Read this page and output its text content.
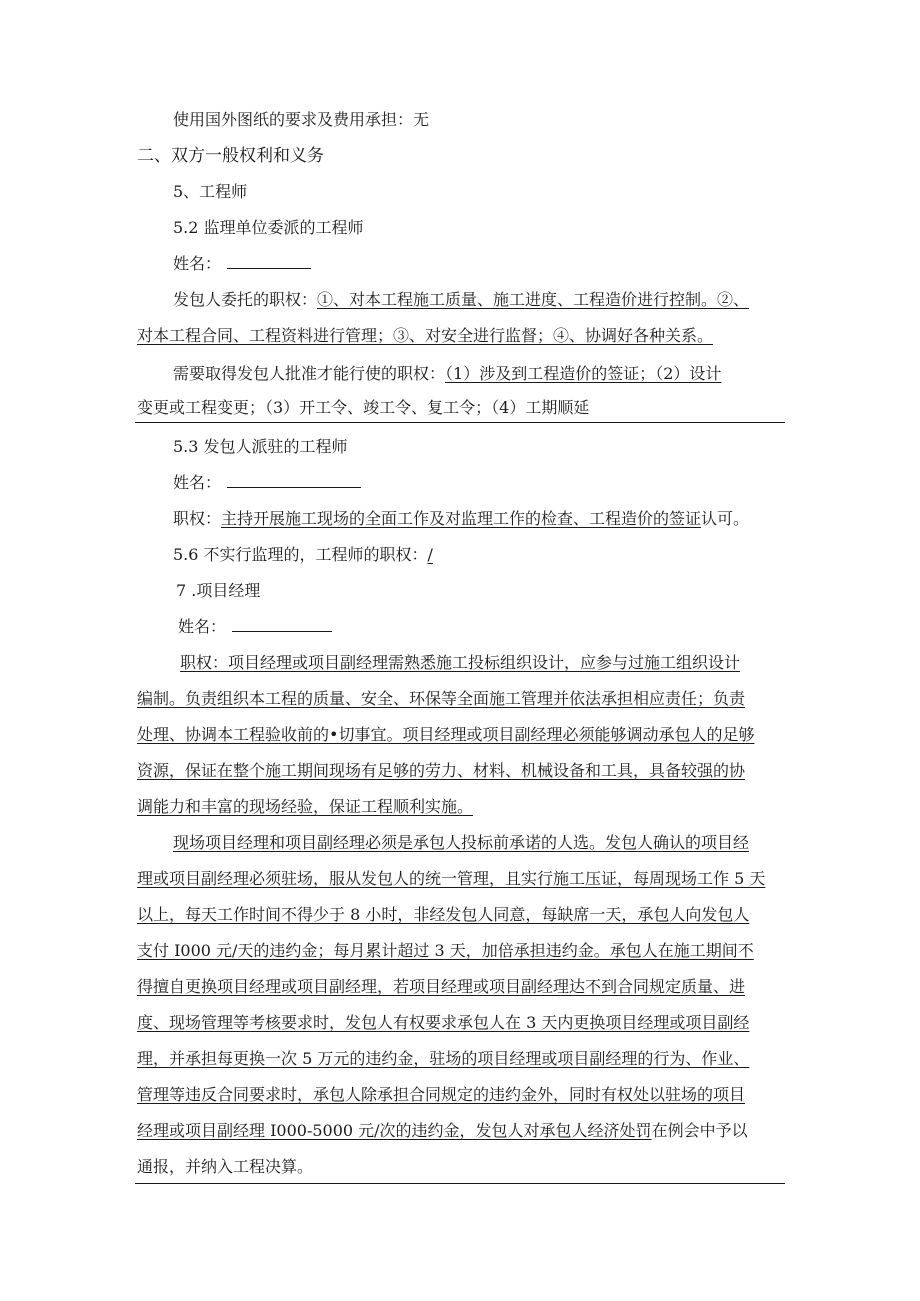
使用国外图纸的要求及费用承担：无
二、双方一般权利和义务
5、工程师
5.2 监理单位委派的工程师
姓名：
发包人委托的职权：①、对本工程施工质量、施工进度、工程造价进行控制。②、
对本工程合同、工程资料进行管理；③、对安全进行监督；④、协调好各种关系。
需要取得发包人批准才能行使的职权：（1）涉及到工程造价的签证；（2）设计
变更或工程变更；（3）开工令、竣工令、复工令；（4）工期顺延
5.3 发包人派驻的工程师
姓名：
职权：主持开展施工现场的全面工作及对监理工作的检查、工程造价的签证认可。
5.6 不实行监理的，工程师的职权：/
7 .项目经理
姓名：
职权：项目经理或项目副经理需熟悉施工投标组织设计，应参与过施工组织设计
编制。负责组织本工程的质量、安全、环保等全面施工管理并依法承担相应责任；负责
处理、协调本工程验收前的•切事宜。项目经理或项目副经理必须能够调动承包人的足够
资源，保证在整个施工期间现场有足够的劳力、材料、机械设备和工具，具备较强的协
调能力和丰富的现场经验，保证工程顺利实施。
现场项目经理和项目副经理必须是承包人投标前承诺的人选。发包人确认的项目经
理或项目副经理必须驻场，服从发包人的统一管理，且实行施工压证，每周现场工作 5 天
以上，每天工作时间不得少于 8 小时，非经发包人同意，每缺席一天，承包人向发包人
支付 I000 元/天的违约金；每月累计超过 3 天，加倍承担违约金。承包人在施工期间不
得擅自更换项目经理或项目副经理，若项目经理或项目副经理达不到合同规定质量、进
度、现场管理等考核要求时，发包人有权要求承包人在 3 天内更换项目经理或项目副经
理，并承担每更换一次 5 万元的违约金，驻场的项目经理或项目副经理的行为、作业、
管理等违反合同要求时，承包人除承担合同规定的违约金外，同时有权处以驻场的项目
经理或项目副经理 I000-5000 元/次的违约金，发包人对承包人经济处罚在例会中予以
通报，并纳入工程决算。
